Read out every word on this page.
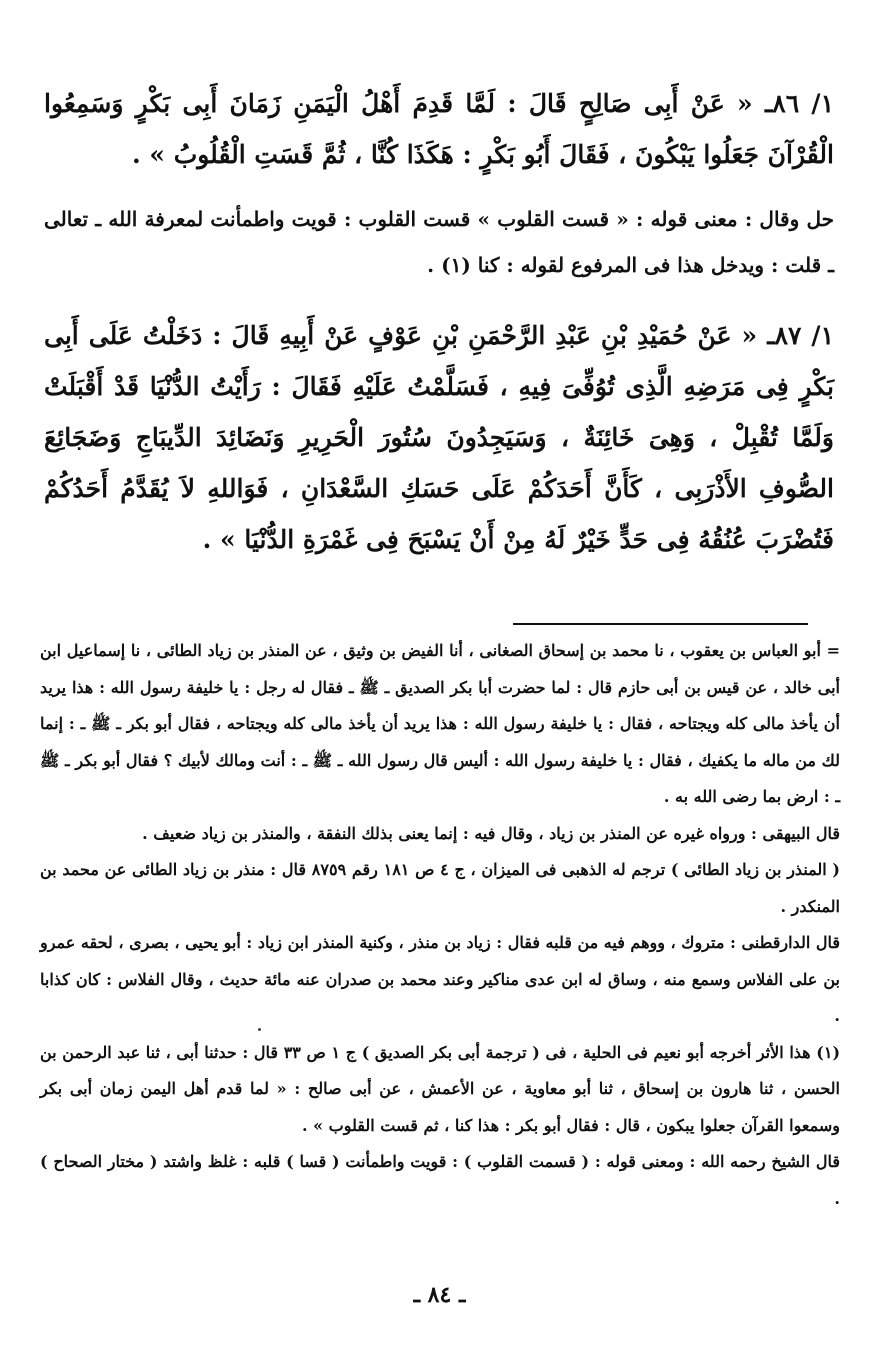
١/ ٨٦ـ « عَنْ أَبِى صَالِحٍ قَالَ : لَمَّا قَدِمَ أَهْلُ الْيَمَنِ زَمَانَ أَبِى بَكْرٍ وَسَمِعُوا الْقُرْآنَ جَعَلُوا يَبْكُونَ ، فَقَالَ أَبُو بَكْرٍ : هَكَذَا كُنَّا ، ثُمَّ قَسَتِ الْقُلُوبُ » .

حل وقال : معنى قوله : « قست القلوب » قست القلوب : قويت واطمأنت لمعرفة الله ـ تعالى ـ قلت : ويدخل هذا فى المرفوع لقوله : كنا (١) .

١/ ٨٧ـ « عَنْ حُمَيْدِ بْنِ عَبْدِ الرَّحْمَنِ بْنِ عَوْفٍ عَنْ أَبِيهِ قَالَ : دَخَلْتُ عَلَى أَبِى بَكْرٍ فِى مَرَضِهِ الَّذِى تُوُفِّىَ فِيهِ ، فَسَلَّمْتُ عَلَيْهِ فَقَالَ : رَأَيْتُ الدُّنْيَا قَدْ أَقْبَلَتْ وَلَمَّا تُقْبِلْ ، وَهِىَ خَائِنَةٌ ، وَسَيَجِدُونَ سُتُورَ الْحَرِيرِ وَنَضَائِدَ الدِّيبَاجِ وَضَجَائِعَ الصُّوفِ الأَذْرَبِى ، كَأَنَّ أَحَدَكُمْ عَلَى حَسَكِ السَّعْدَانِ ، فَوَاللهِ لاَ يُقَدَّمُ أَحَدُكُمْ فَتُضْرَبَ عُنُقُهُ فِى حَدٍّ خَيْرٌ لَهُ مِنْ أَنْ يَسْبَحَ فِى غَمْرَةِ الدُّنْيَا » .

= أبو العباس بن يعقوب ، نا محمد بن إسحاق الصغانى ، أنا الفيض بن وثيق ، عن المنذر بن زياد الطائى ، نا إسماعيل ابن أبى خالد ، عن قيس بن أبى حازم قال : لما حضرت أبا بكر الصديق ـ ﷺ ـ فقال له رجل : يا خليفة رسول الله : هذا يريد أن يأخذ مالى كله ويجتاحه ، فقال : يا خليفة رسول الله : هذا يريد أن يأخذ مالى كله ويجتاحه ، فقال أبو بكر ـ ﷺ ـ : إنما لك من ماله ما يكفيك ، فقال : يا خليفة رسول الله : أليس قال رسول الله ـ ﷺ ـ : أنت ومالك لأبيك ؟ فقال أبو بكر ـ ﷺ ـ : ارض بما رضى الله به .

قال البيهقى : ورواه غيره عن المنذر بن زياد ، وقال فيه : إنما يعنى بذلك النفقة ، والمنذر بن زياد ضعيف .

( المنذر بن زياد الطائى ) ترجم له الذهبى فى الميزان ، ج ٤ ص ١٨١ رقم ٨٧٥٩ قال : منذر بن زياد الطائى عن محمد بن المنكدر .

قال الدارقطنى : متروك ، ووهم فيه من قلبه فقال : زياد بن منذر ، وكنية المنذر ابن زياد : أبو يحيى ، بصرى ، لحقه عمرو بن على الفلاس وسمع منه ، وساق له ابن عدى مناكير وعند محمد بن صدران عنه مائة حديث ، وقال الفلاس : كان كذابا .

(١) هذا الأثر أخرجه أبو نعيم فى الحلية ، فى ( ترجمة أبى بكر الصديق ) ج ١ ص ٣٣ قال : حدثنا أبى ، ثنا عبد الرحمن بن الحسن ، ثنا هارون بن إسحاق ، ثنا أبو معاوية ، عن الأعمش ، عن أبى صالح : « لما قدم أهل اليمن زمان أبى بكر وسمعوا القرآن جعلوا يبكون ، قال : فقال أبو بكر : هذا كنا ، ثم قست القلوب » .

قال الشيخ رحمه الله : ومعنى قوله : ( قسمت القلوب ) : قويت واطمأنت ( قسا ) قلبه : غلظ واشتد ( مختار الصحاح ) .

ـ ٨٤ ـ
